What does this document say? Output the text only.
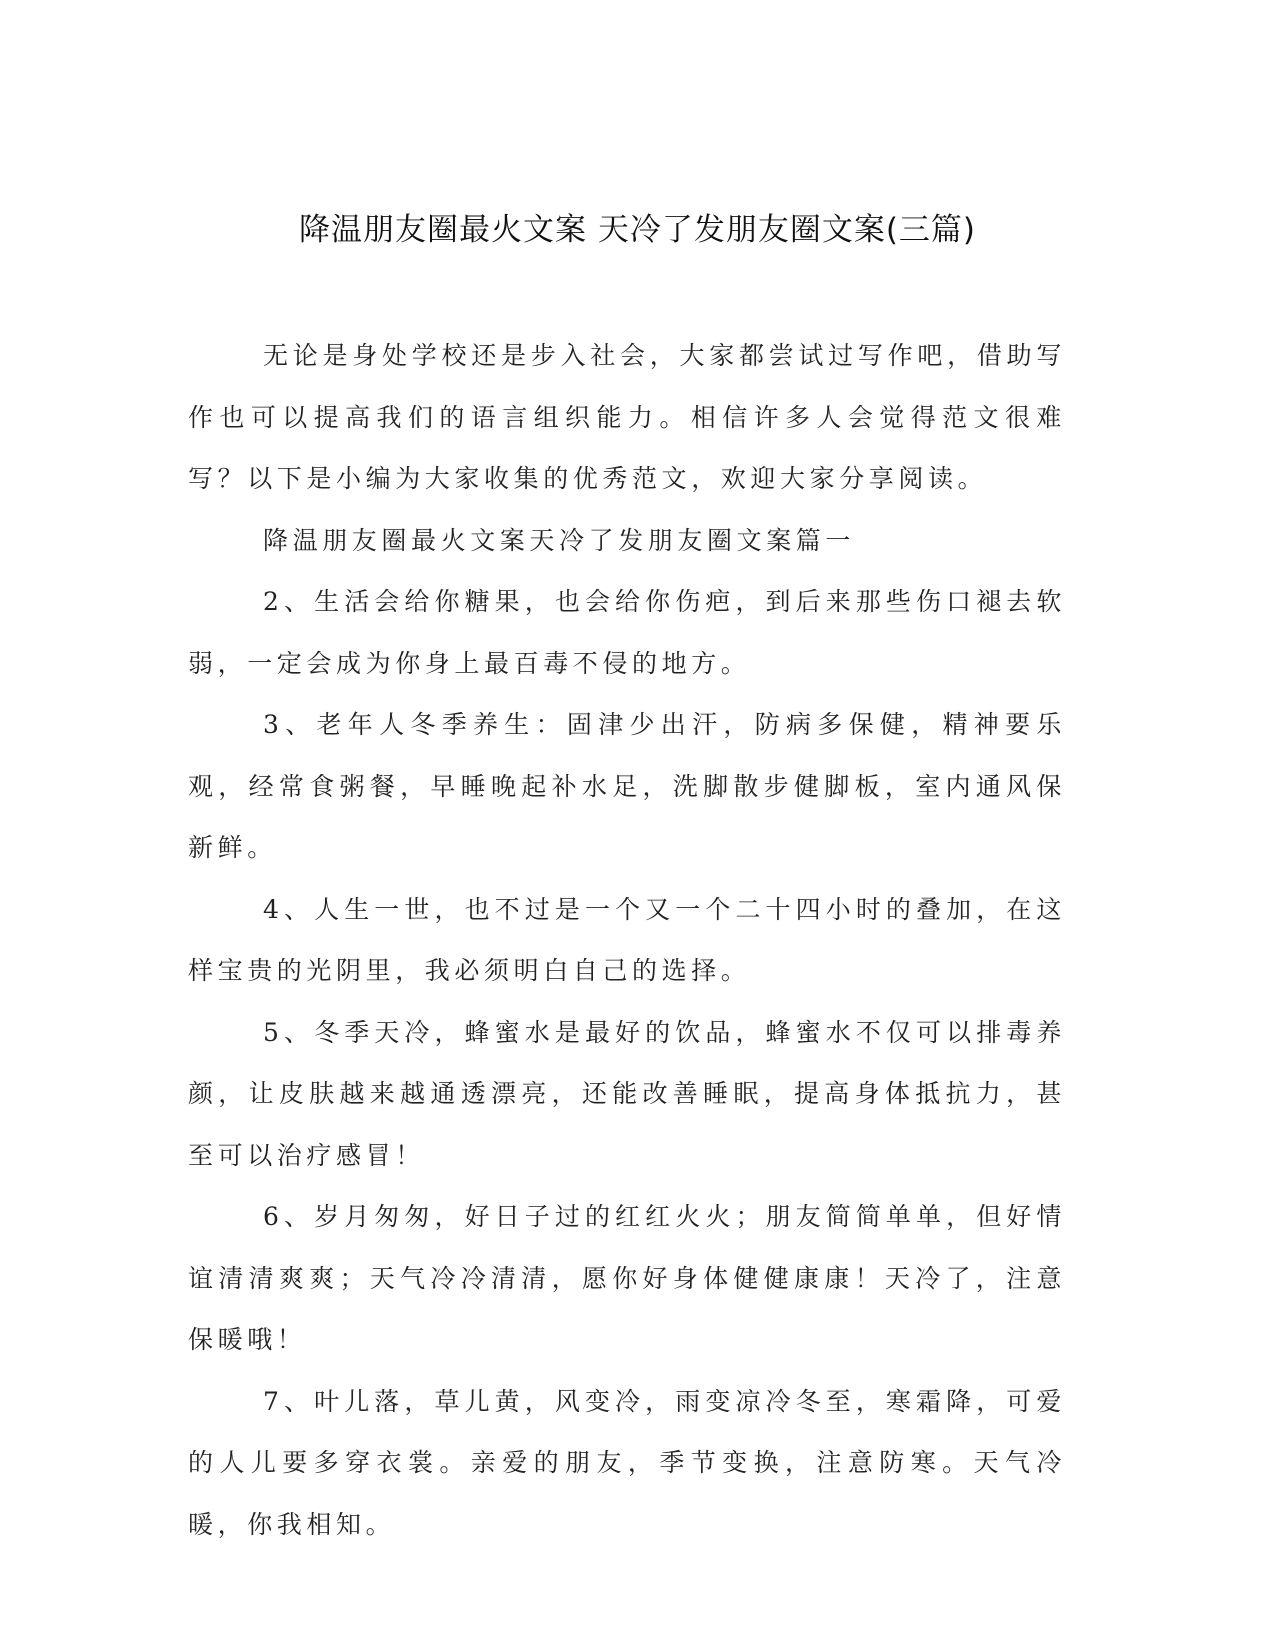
降温朋友圈最火文案 天冷了发朋友圈文案(三篇)

无论是身处学校还是步入社会，大家都尝试过写作吧，借助写作也可以提高我们的语言组织能力。相信许多人会觉得范文很难写？以下是小编为大家收集的优秀范文，欢迎大家分享阅读。

降温朋友圈最火文案天冷了发朋友圈文案篇一

2、生活会给你糖果，也会给你伤疤，到后来那些伤口褪去软弱，一定会成为你身上最百毒不侵的地方。

3、老年人冬季养生：固津少出汗，防病多保健，精神要乐观，经常食粥餐，早睡晚起补水足，洗脚散步健脚板，室内通风保新鲜。

4、人生一世，也不过是一个又一个二十四小时的叠加，在这样宝贵的光阴里，我必须明白自己的选择。

5、冬季天冷，蜂蜜水是最好的饮品，蜂蜜水不仅可以排毒养颜，让皮肤越来越通透漂亮，还能改善睡眠，提高身体抵抗力，甚至可以治疗感冒！

6、岁月匆匆，好日子过的红红火火；朋友简简单单，但好情谊清清爽爽；天气冷冷清清，愿你好身体健健康康！天冷了，注意保暖哦！

7、叶儿落，草儿黄，风变冷，雨变凉冷冬至，寒霜降，可爱的人儿要多穿衣裳。亲爱的朋友，季节变换，注意防寒。天气冷暖，你我相知。
